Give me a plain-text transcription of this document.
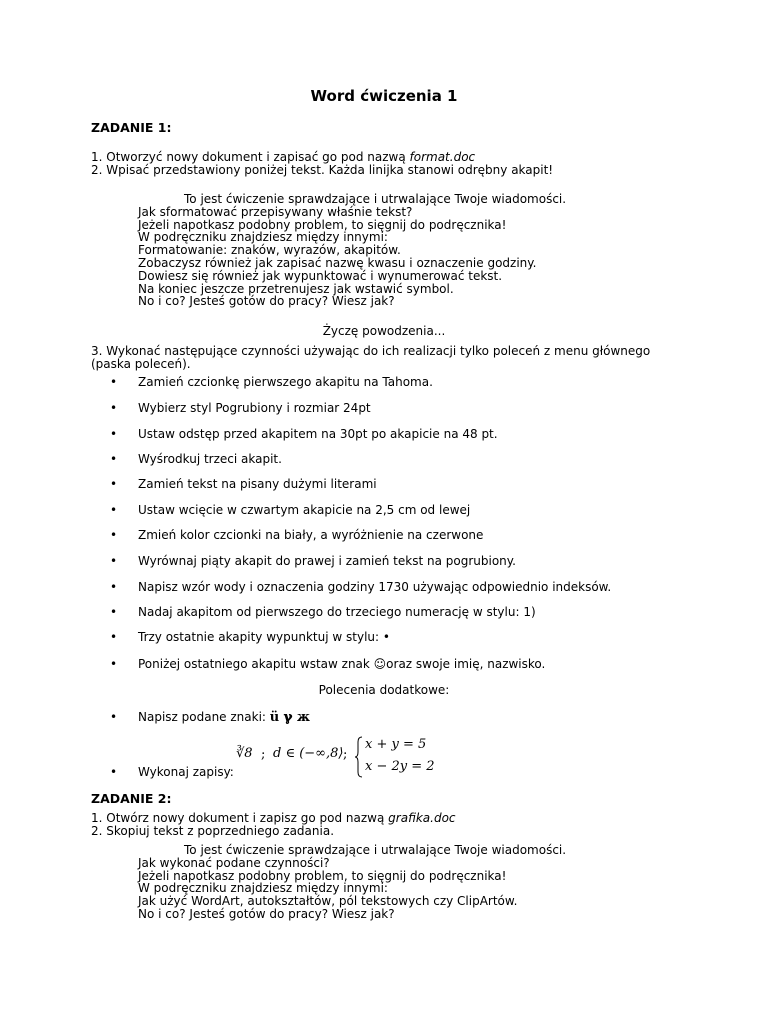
Word ćwiczenia 1
ZADANIE 1:
1. Otworzyć nowy dokument i zapisać go pod nazwą format.doc
2. Wpisać przedstawiony poniżej tekst. Każda linijka stanowi odrębny akapit!
To jest ćwiczenie sprawdzające i utrwalające Twoje wiadomości.
Jak sformatować przepisywany właśnie tekst?
Jeżeli napotkasz podobny problem, to sięgnij do podręcznika!
W podręczniku znajdziesz między innymi:
Formatowanie: znaków, wyrazów, akapitów.
Zobaczysz również jak zapisać nazwę kwasu i oznaczenie godziny.
Dowiesz się również jak wypunktować i wynumerować tekst.
Na koniec jeszcze przetrenujesz jak wstawić symbol.
No i co? Jesteś gotów do pracy? Wiesz jak?
Życzę powodzenia...
3. Wykonać następujące czynności używając do ich realizacji tylko poleceń z menu głównego (paska poleceń).
• Zamień czcionkę pierwszego akapitu na Tahoma.
• Wybierz styl Pogrubiony i rozmiar 24pt
• Ustaw odstęp przed akapitem na 30pt po akapicie na 48 pt.
• Wyśrodkuj trzeci akapit.
• Zamień tekst na pisany dużymi literami
• Ustaw wcięcie w czwartym akapicie na 2,5 cm od lewej
• Zmień kolor czcionki na biały, a wyróżnienie na czerwone
• Wyrównaj piąty akapit do prawej i zamień tekst na pogrubiony.
• Napisz wzór wody i oznaczenia godziny 1730 używając odpowiednio indeksów.
• Nadaj akapitom od pierwszego do trzeciego numerację w stylu: 1)
• Trzy ostatnie akapity wypunktuj w stylu: •
• Poniżej ostatniego akapitu wstaw znak ☺oraz swoje imię, nazwisko.
Polecenia dodatkowe:
• Napisz podane znaki: ü ℽ ж
• Wykonaj zapisy:
∛8 ; d ∈ (−∞,8⟩ ;
x + y = 5
x − 2y = 2
ZADANIE 2:
1. Otwórz nowy dokument i zapisz go pod nazwą grafika.doc
2. Skopiuj tekst z poprzedniego zadania.
To jest ćwiczenie sprawdzające i utrwalające Twoje wiadomości.
Jak wykonać podane czynności?
Jeżeli napotkasz podobny problem, to sięgnij do podręcznika!
W podręczniku znajdziesz między innymi:
Jak użyć WordArt, autokształtów, pól tekstowych czy ClipArtów.
No i co? Jesteś gotów do pracy? Wiesz jak?
